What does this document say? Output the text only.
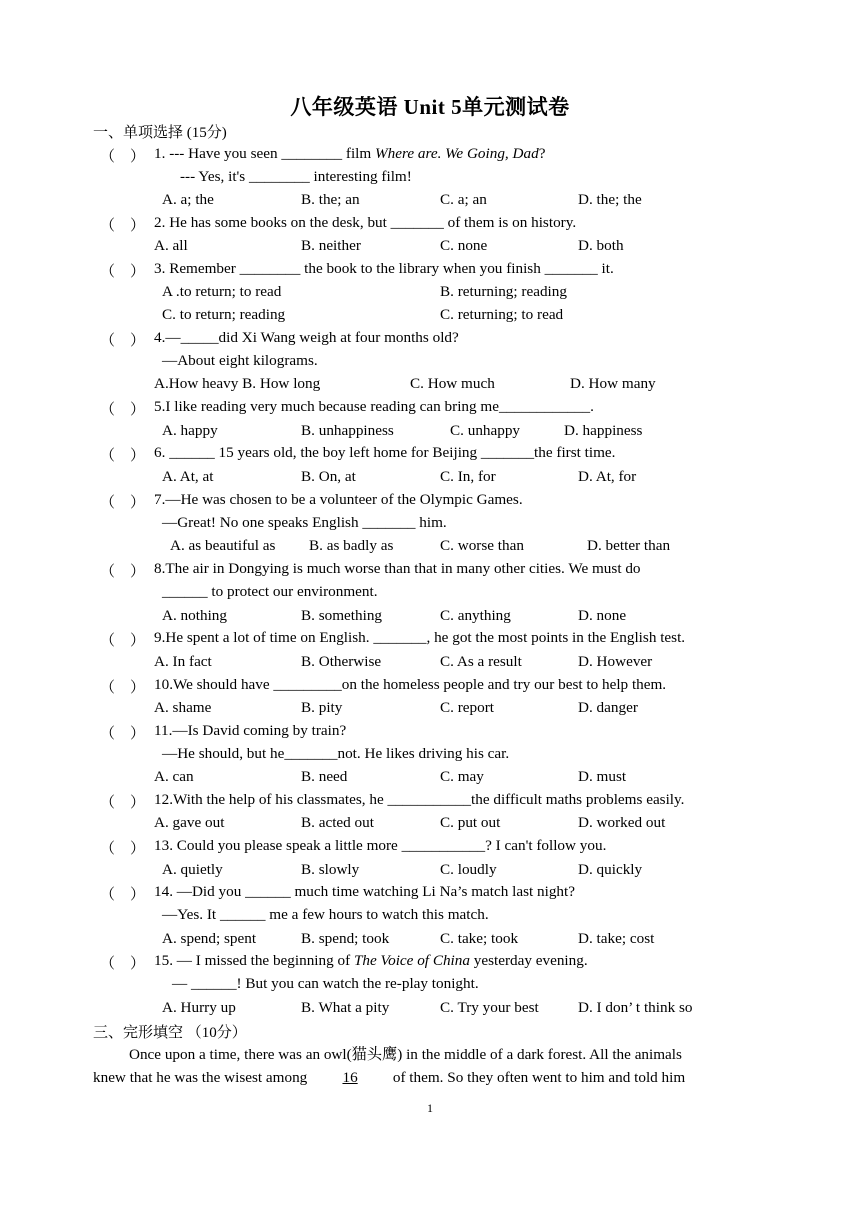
八年级英语 Unit 5单元测试卷
一、单项选择 (15分)
（　） 1. --- Have you seen ________ film Where are. We Going, Dad?
--- Yes, it's ________ interesting film!
A. a; the	B. the; an	C. a; an	D. the; the
（　） 2. He has some books on the desk, but _______ of them is on history.
A. all	B. neither	C. none	D. both
（　） 3. Remember ________ the book to the library when you finish _______ it.
A .to return; to read	B. returning; reading
C. to return; reading	C. returning; to read
（　） 4.—_____did Xi Wang weigh at four months old?
—About eight kilograms.
A.How heavy B. How long	C. How much	D. How many
（　） 5.I like reading very much because reading can bring me____________.
A. happy	B. unhappiness	C. unhappy	D. happiness
（　） 6. ______ 15 years old, the boy left home for Beijing _______the first time.
A. At, at	B. On, at	C. In, for	D. At, for
（　） 7.—He was chosen to be a volunteer of the Olympic Games.
—Great! No one speaks English _______ him.
A. as beautiful as B. as badly as	C. worse than	D. better than
（　） 8.The air in Dongying is much worse than that in many other cities. We must do
______ to protect our environment.
A. nothing	B. something	C. anything	D. none
（　） 9.He spent a lot of time on English. _______, he got the most points in the English test.
A. In fact	B. Otherwise	C. As a result	D. However
（　） 10.We should have _________on the homeless people and try our best to help them.
A. shame	B. pity	C. report	D. danger
（　） 11.—Is David coming by train?
—He should, but he_______not. He likes driving his car.
A. can	B. need	C. may	D. must
（　） 12.With the help of his classmates, he ___________the difficult maths problems easily.
A. gave out	B. acted out	C. put out	D. worked out
（　） 13. Could you please speak a little more ___________? I can't follow you.
A. quietly	B. slowly	C. loudly	D. quickly
（　） 14. —Did you ______ much time watching Li Na’s match last night?
—Yes. It ______ me a few hours to watch this match.
A. spend; spent	B. spend; took	C. take; took	D. take; cost
（　） 15. — I missed the beginning of The Voice of China yesterday evening.
— ______! But you can watch the re-play tonight.
A. Hurry up	B. What a pity	C. Try your best	D. I don’ t think so
三、完形填空 （10分）
Once upon a time, there was an owl(猫头鹰) in the middle of a dark forest. All the animals
knew that he was the wisest among 16 of them. So they often went to him and told him
1
